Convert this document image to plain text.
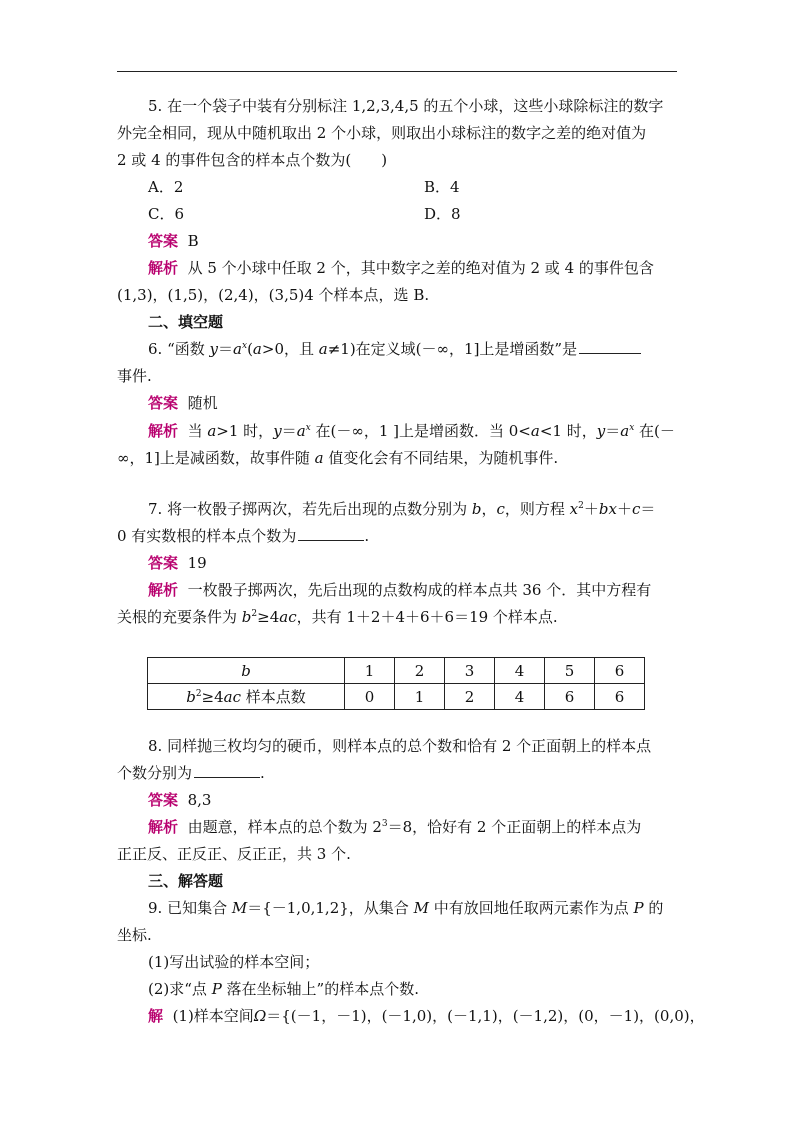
5. 在一个袋子中装有分别标注 1,2,3,4,5 的五个小球，这些小球除标注的数字
外完全相同，现从中随机取出 2 个小球，则取出小球标注的数字之差的绝对值为
2 或 4 的事件包含的样本点个数为(　　)
A．2	B．4
C．6	D．8
答案 B
解析 从 5 个小球中任取 2 个，其中数字之差的绝对值为 2 或 4 的事件包含
(1,3)，(1,5)，(2,4)，(3,5)4 个样本点，选 B.
二、填空题
6. “函数 $y=a^x(a>0$，且 a≠1)在定义域(－∞，1]上是增函数”是
事件.
答案 随机
解析 当 a>1 时，$y=a^x$ 在(－∞，1 ]上是增函数．当 0<a<1 时，$y=a^x$ 在(－
∞，1]上是减函数，故事件随 a 值变化会有不同结果，为随机事件.
7. 将一枚骰子掷两次，若先后出现的点数分别为 b，c，则方程 $x^2+bx+c=$
0 有实数根的样本点个数为	.
答案 19
解析 一枚骰子掷两次，先后出现的点数构成的样本点共 36 个．其中方程有
关根的充要条件为 $b^2\ge 4ac$，共有 1＋2＋4＋6＋6＝19 个样本点.
b	1	2	3	4	5	6
$b^2\ge 4ac$ 样本点数	0	1	2	4	6	6
8. 同样抛三枚均匀的硬币，则样本点的总个数和恰有 2 个正面朝上的样本点
个数分别为	.
答案 8,3
解析 由题意，样本点的总个数为 $2^3=8$，恰好有 2 个正面朝上的样本点为
正正反、正反正、反正正，共 3 个.
三、解答题
9. 已知集合 M＝{－1,0,1,2}，从集合 M 中有放回地任取两元素作为点 P 的
坐标.
(1)写出试验的样本空间；
(2)求“点 P 落在坐标轴上”的样本点个数.
解 (1)样本空间Ω＝{(－1，－1)，(－1,0)，(－1,1)，(－1,2)，(0，－1)，(0,0)，
